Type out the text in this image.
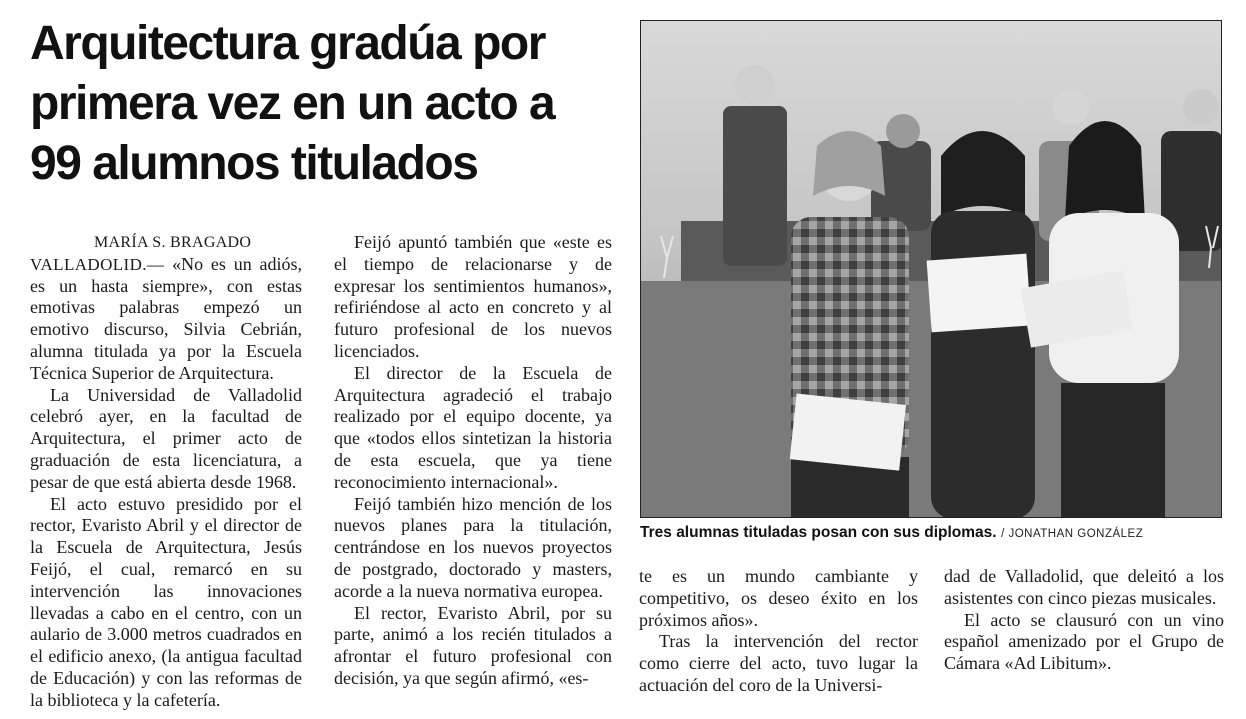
Arquitectura gradúa por
primera vez en un acto a
99 alumnos titulados

MARÍA S. BRAGADO

VALLADOLID.— «No es un adiós, es un hasta siempre», con estas emotivas palabras empezó un emotivo discurso, Silvia Cebrián, alumna titulada ya por la Escuela Técnica Superior de Arquitectura.

La Universidad de Valladolid celebró ayer, en la facultad de Arquitectura, el primer acto de graduación de esta licenciatura, a pesar de que está abierta desde 1968.

El acto estuvo presidido por el rector, Evaristo Abril y el director de la Escuela de Arquitectura, Jesús Feijó, el cual, remarcó en su intervención las innovaciones llevadas a cabo en el centro, con un aulario de 3.000 metros cuadrados en el edificio anexo, (la antigua facultad de Educación) y con las reformas de la biblioteca y la cafetería.

Feijó apuntó también que «este es el tiempo de relacionarse y de expresar los sentimientos humanos», refiriéndose al acto en concreto y al futuro profesional de los nuevos licenciados.

El director de la Escuela de Arquitectura agradeció el trabajo realizado por el equipo docente, ya que «todos ellos sintetizan la historia de esta escuela, que ya tiene reconocimiento internacional».

Feijó también hizo mención de los nuevos planes para la titulación, centrándose en los nuevos proyectos de postgrado, doctorado y masters, acorde a la nueva normativa europea.

El rector, Evaristo Abril, por su parte, animó a los recién titulados a afrontar el futuro profesional con decisión, ya que según afirmó, «es-

Tres alumnas tituladas posan con sus diplomas. / JONATHAN GONZÁLEZ

te es un mundo cambiante y competitivo, os deseo éxito en los próximos años».

Tras la intervención del rector como cierre del acto, tuvo lugar la actuación del coro de la Universi-

dad de Valladolid, que deleitó a los asistentes con cinco piezas musicales.

El acto se clausuró con un vino español amenizado por el Grupo de Cámara «Ad Libitum».
